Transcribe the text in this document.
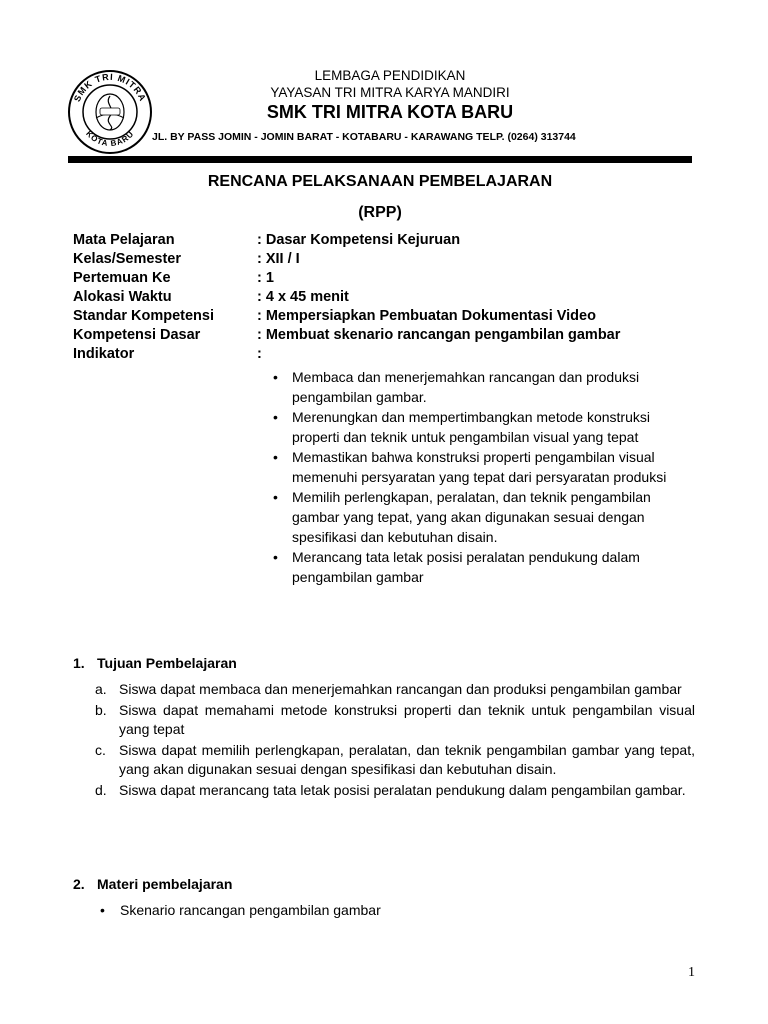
SMK TRI MITRA
KOTA BARU
LEMBAGA PENDIDIKAN
YAYASAN TRI MITRA KARYA MANDIRI
SMK TRI MITRA KOTA BARU
JL. BY PASS JOMIN - JOMIN BARAT - KOTABARU - KARAWANG TELP. (0264) 313744
RENCANA PELAKSANAAN PEMBELAJARAN
(RPP)
Mata Pelajaran	: Dasar Kompetensi Kejuruan
Kelas/Semester	: XII / I
Pertemuan Ke	: 1
Alokasi Waktu	: 4 x 45 menit
Standar Kompetensi	: Mempersiapkan Pembuatan Dokumentasi Video
Kompetensi Dasar	: Membuat skenario rancangan pengambilan gambar
Indikator	:
• Membaca dan menerjemahkan rancangan dan produksi pengambilan gambar.
• Merenungkan dan mempertimbangkan metode konstruksi properti dan teknik untuk pengambilan visual yang tepat
• Memastikan bahwa konstruksi properti pengambilan visual memenuhi persyaratan yang tepat dari persyaratan produksi
• Memilih perlengkapan, peralatan, dan teknik pengambilan gambar yang tepat, yang akan digunakan sesuai dengan spesifikasi dan kebutuhan disain.
• Merancang tata letak posisi peralatan pendukung dalam pengambilan gambar
1. Tujuan Pembelajaran
a. Siswa dapat membaca dan menerjemahkan rancangan dan produksi pengambilan gambar
b. Siswa dapat memahami metode konstruksi properti dan teknik untuk pengambilan visual yang tepat
c. Siswa dapat memilih perlengkapan, peralatan, dan teknik pengambilan gambar yang tepat, yang akan digunakan sesuai dengan spesifikasi dan kebutuhan disain.
d. Siswa dapat merancang tata letak posisi peralatan pendukung dalam pengambilan gambar.
2. Materi pembelajaran
• Skenario rancangan pengambilan gambar
1
